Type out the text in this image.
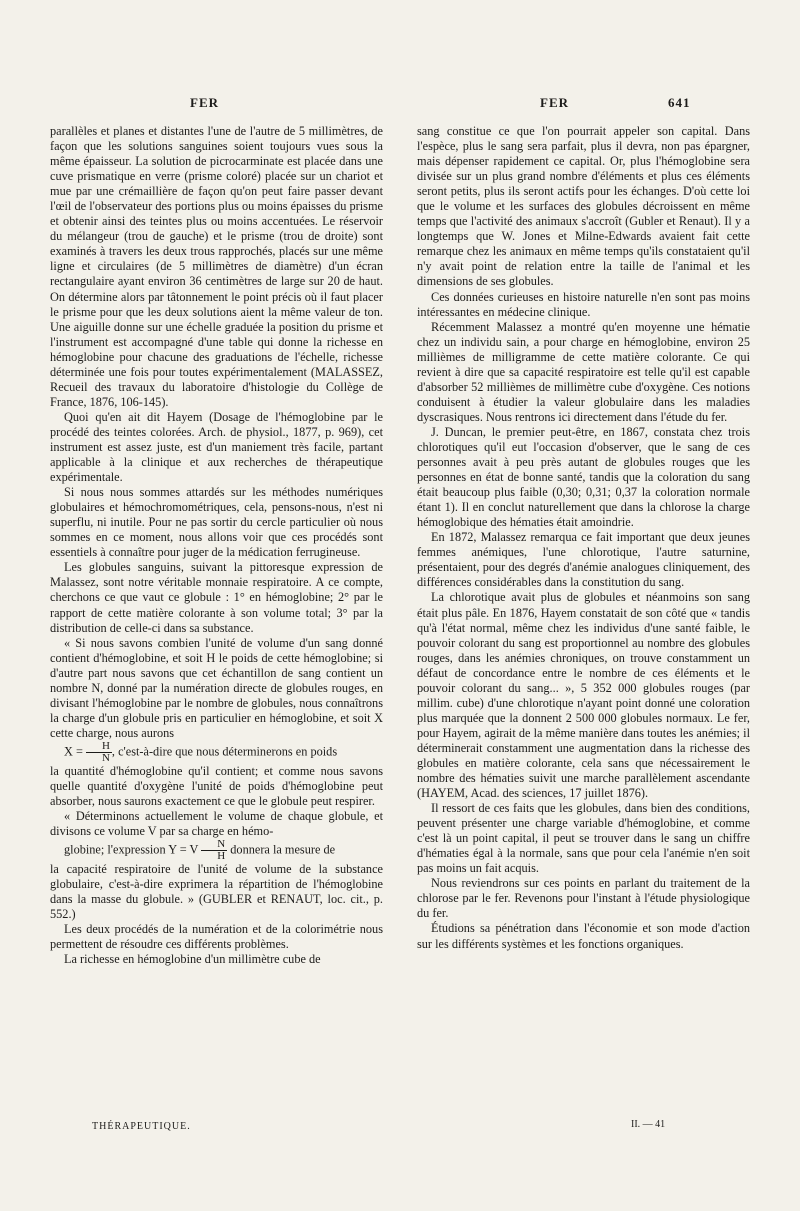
FER	FER	641

parallèles et planes et distantes l'une de l'autre de 5 millimètres, de façon que les solutions sanguines soient toujours vues sous la même épaisseur. La solution de picrocarminate est placée dans une cuve prismatique en verre (prisme coloré) placée sur un chariot et mue par une crémaillière de façon qu'on peut faire passer devant l'œil de l'observateur des portions plus ou moins épaisses du prisme et obtenir ainsi des teintes plus ou moins accentuées. Le réservoir du mélangeur (trou de gauche) et le prisme (trou de droite) sont examinés à travers les deux trous rapprochés, placés sur une même ligne et circulaires (de 5 millimètres de diamètre) d'un écran rectangulaire ayant environ 36 centimètres de large sur 20 de haut. On détermine alors par tâtonnement le point précis où il faut placer le prisme pour que les deux solutions aient la même valeur de ton. Une aiguille donne sur une échelle graduée la position du prisme et l'instrument est accompagné d'une table qui donne la richesse en hémoglobine pour chacune des graduations de l'échelle, richesse déterminée une fois pour toutes expérimentalement (MALASSEZ, Recueil des travaux du laboratoire d'histologie du Collège de France, 1876, 106-145).

Quoi qu'en ait dit Hayem (Dosage de l'hémoglobine par le procédé des teintes colorées. Arch. de physiol., 1877, p. 969), cet instrument est assez juste, est d'un maniement très facile, partant applicable à la clinique et aux recherches de thérapeutique expérimentale.

Si nous nous sommes attardés sur les méthodes numériques globulaires et hémochromométriques, cela, pensons-nous, n'est ni superflu, ni inutile. Pour ne pas sortir du cercle particulier où nous sommes en ce moment, nous allons voir que ces procédés sont essentiels à connaître pour juger de la médication ferrugineuse.

Les globules sanguins, suivant la pittoresque expression de Malassez, sont notre véritable monnaie respiratoire. A ce compte, cherchons ce que vaut ce globule : 1° en hémoglobine; 2° par le rapport de cette matière colorante à son volume total; 3° par la distribution de celle-ci dans sa substance.

« Si nous savons combien l'unité de volume d'un sang donné contient d'hémoglobine, et soit H le poids de cette hémoglobine; si d'autre part nous savons que cet échantillon de sang contient un nombre N, donné par la numération directe de globules rouges, en divisant l'hémoglobine par le nombre de globules, nous connaîtrons la charge d'un globule pris en particulier en hémoglobine, et soit X cette charge, nous aurons

$X = \frac{H}{N}$ , c'est-à-dire que nous déterminerons en poids

la quantité d'hémoglobine qu'il contient; et comme nous savons quelle quantité d'oxygène l'unité de poids d'hémoglobine peut absorber, nous saurons exactement ce que le globule peut respirer.

« Déterminons actuellement le volume de chaque globule, et divisons ce volume V par sa charge en hémo-

globine; l'expression Y = V $\frac{N}{H}$ donnera la mesure de

la capacité respiratoire de l'unité de volume de la substance globulaire, c'est-à-dire exprimera la répartition de l'hémoglobine dans la masse du globule. » (GUBLER et RENAUT, loc. cit., p. 552.)

Les deux procédés de la numération et de la colorimétrie nous permettent de résoudre ces différents problèmes.

La richesse en hémoglobine d'un millimètre cube de

sang constitue ce que l'on pourrait appeler son capital. Dans l'espèce, plus le sang sera parfait, plus il devra, non pas épargner, mais dépenser rapidement ce capital. Or, plus l'hémoglobine sera divisée sur un plus grand nombre d'éléments et plus ces éléments seront petits, plus ils seront actifs pour les échanges. D'où cette loi que le volume et les surfaces des globules décroissent en même temps que l'activité des animaux s'accroît (Gubler et Renaut). Il y a longtemps que W. Jones et Milne-Edwards avaient fait cette remarque chez les animaux en même temps qu'ils constataient qu'il n'y avait point de relation entre la taille de l'animal et les dimensions de ses globules.

Ces données curieuses en histoire naturelle n'en sont pas moins intéressantes en médecine clinique.

Récemment Malassez a montré qu'en moyenne une hématie chez un individu sain, a pour charge en hémoglobine, environ 25 millièmes de milligramme de cette matière colorante. Ce qui revient à dire que sa capacité respiratoire est telle qu'il est capable d'absorber 52 millièmes de millimètre cube d'oxygène. Ces notions conduisent à étudier la valeur globulaire dans les maladies dyscrasiques. Nous rentrons ici directement dans l'étude du fer.

J. Duncan, le premier peut-être, en 1867, constata chez trois chlorotiques qu'il eut l'occasion d'observer, que le sang de ces personnes avait à peu près autant de globules rouges que les personnes en état de bonne santé, tandis que la coloration du sang était beaucoup plus faible (0,30; 0,31; 0,37 la coloration normale étant 1). Il en conclut naturellement que dans la chlorose la charge hémoglobique des hématies était amoindrie.

En 1872, Malassez remarqua ce fait important que deux jeunes femmes anémiques, l'une chlorotique, l'autre saturnine, présentaient, pour des degrés d'anémie analogues cliniquement, des différences considérables dans la constitution du sang.

La chlorotique avait plus de globules et néanmoins son sang était plus pâle. En 1876, Hayem constatait de son côté que « tandis qu'à l'état normal, même chez les individus d'une santé faible, le pouvoir colorant du sang est proportionnel au nombre des globules rouges, dans les anémies chroniques, on trouve constamment un défaut de concordance entre le nombre de ces éléments et le pouvoir colorant du sang... », 5 352 000 globules rouges (par millim. cube) d'une chlorotique n'ayant point donné une coloration plus marquée que la donnent 2 500 000 globules normaux. Le fer, pour Hayem, agirait de la même manière dans toutes les anémies; il déterminerait constamment une augmentation dans la richesse des globules en matière colorante, cela sans que nécessairement le nombre des hématies suivit une marche parallèlement ascendante (HAYEM, Acad. des sciences, 17 juillet 1876).

Il ressort de ces faits que les globules, dans bien des conditions, peuvent présenter une charge variable d'hémoglobine, et comme c'est là un point capital, il peut se trouver dans le sang un chiffre d'hématies égal à la normale, sans que pour cela l'anémie n'en soit pas moins un fait acquis.

Nous reviendrons sur ces points en parlant du traitement de la chlorose par le fer. Revenons pour l'instant à l'étude physiologique du fer.

Étudions sa pénétration dans l'économie et son mode d'action sur les différents systèmes et les fonctions organiques.

THÉRAPEUTIQUE.	II. — 41
